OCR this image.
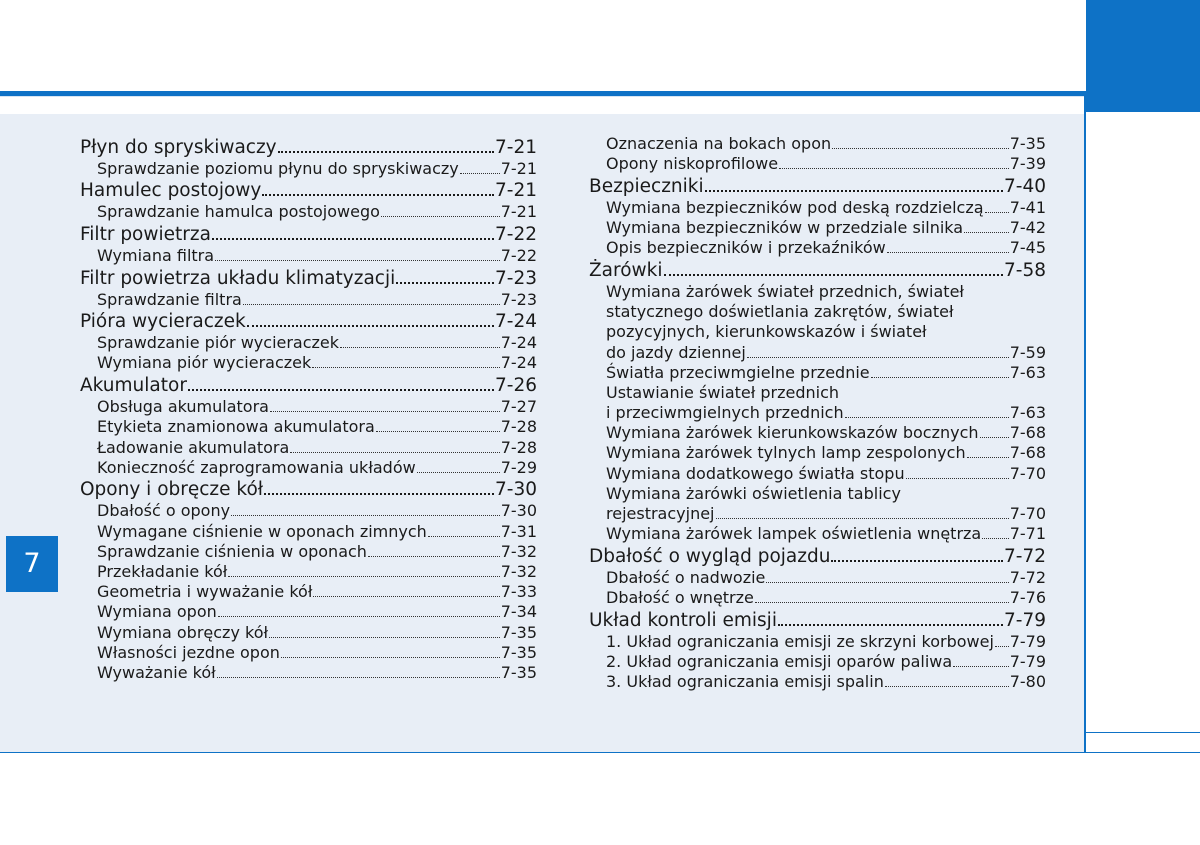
7
Płyn do spryskiwaczy	7-21
Sprawdzanie poziomu płynu do spryskiwaczy	7-21
Hamulec postojowy	7-21
Sprawdzanie hamulca postojowego	7-21
Filtr powietrza	7-22
Wymiana filtra	7-22
Filtr powietrza układu klimatyzacji	7-23
Sprawdzanie filtra	7-23
Pióra wycieraczek	7-24
Sprawdzanie piór wycieraczek	7-24
Wymiana piór wycieraczek	7-24
Akumulator	7-26
Obsługa akumulatora	7-27
Etykieta znamionowa akumulatora	7-28
Ładowanie akumulatora	7-28
Konieczność zaprogramowania układów	7-29
Opony i obręcze kół	7-30
Dbałość o opony	7-30
Wymagane ciśnienie w oponach zimnych	7-31
Sprawdzanie ciśnienia w oponach	7-32
Przekładanie kół	7-32
Geometria i wyważanie kół	7-33
Wymiana opon	7-34
Wymiana obręczy kół	7-35
Własności jezdne opon	7-35
Wyważanie kół	7-35
Oznaczenia na bokach opon	7-35
Opony niskoprofilowe	7-39
Bezpieczniki	7-40
Wymiana bezpieczników pod deską rozdzielczą 7-41
Wymiana bezpieczników w przedziale silnika	7-42
Opis bezpieczników i przekaźników	7-45
Żarówki	7-58
Wymiana żarówek świateł przednich, świateł
statycznego doświetlania zakrętów, świateł
pozycyjnych, kierunkowskazów i świateł
do jazdy dziennej	7-59
Światła przeciwmgielne przednie	7-63
Ustawianie świateł przednich
i przeciwmgielnych przednich	7-63
Wymiana żarówek kierunkowskazów bocznych 7-68
Wymiana żarówek tylnych lamp zespolonych	7-68
Wymiana dodatkowego światła stopu	7-70
Wymiana żarówki oświetlenia tablicy
rejestracyjnej	7-70
Wymiana żarówek lampek oświetlenia wnętrza 7-71
Dbałość o wygląd pojazdu	7-72
Dbałość o nadwozie	7-72
Dbałość o wnętrze	7-76
Układ kontroli emisji	7-79
1. Układ ograniczania emisji ze skrzyni korbowej 7-79
2. Układ ograniczania emisji oparów paliwa	7-79
3. Układ ograniczania emisji spalin	7-80
